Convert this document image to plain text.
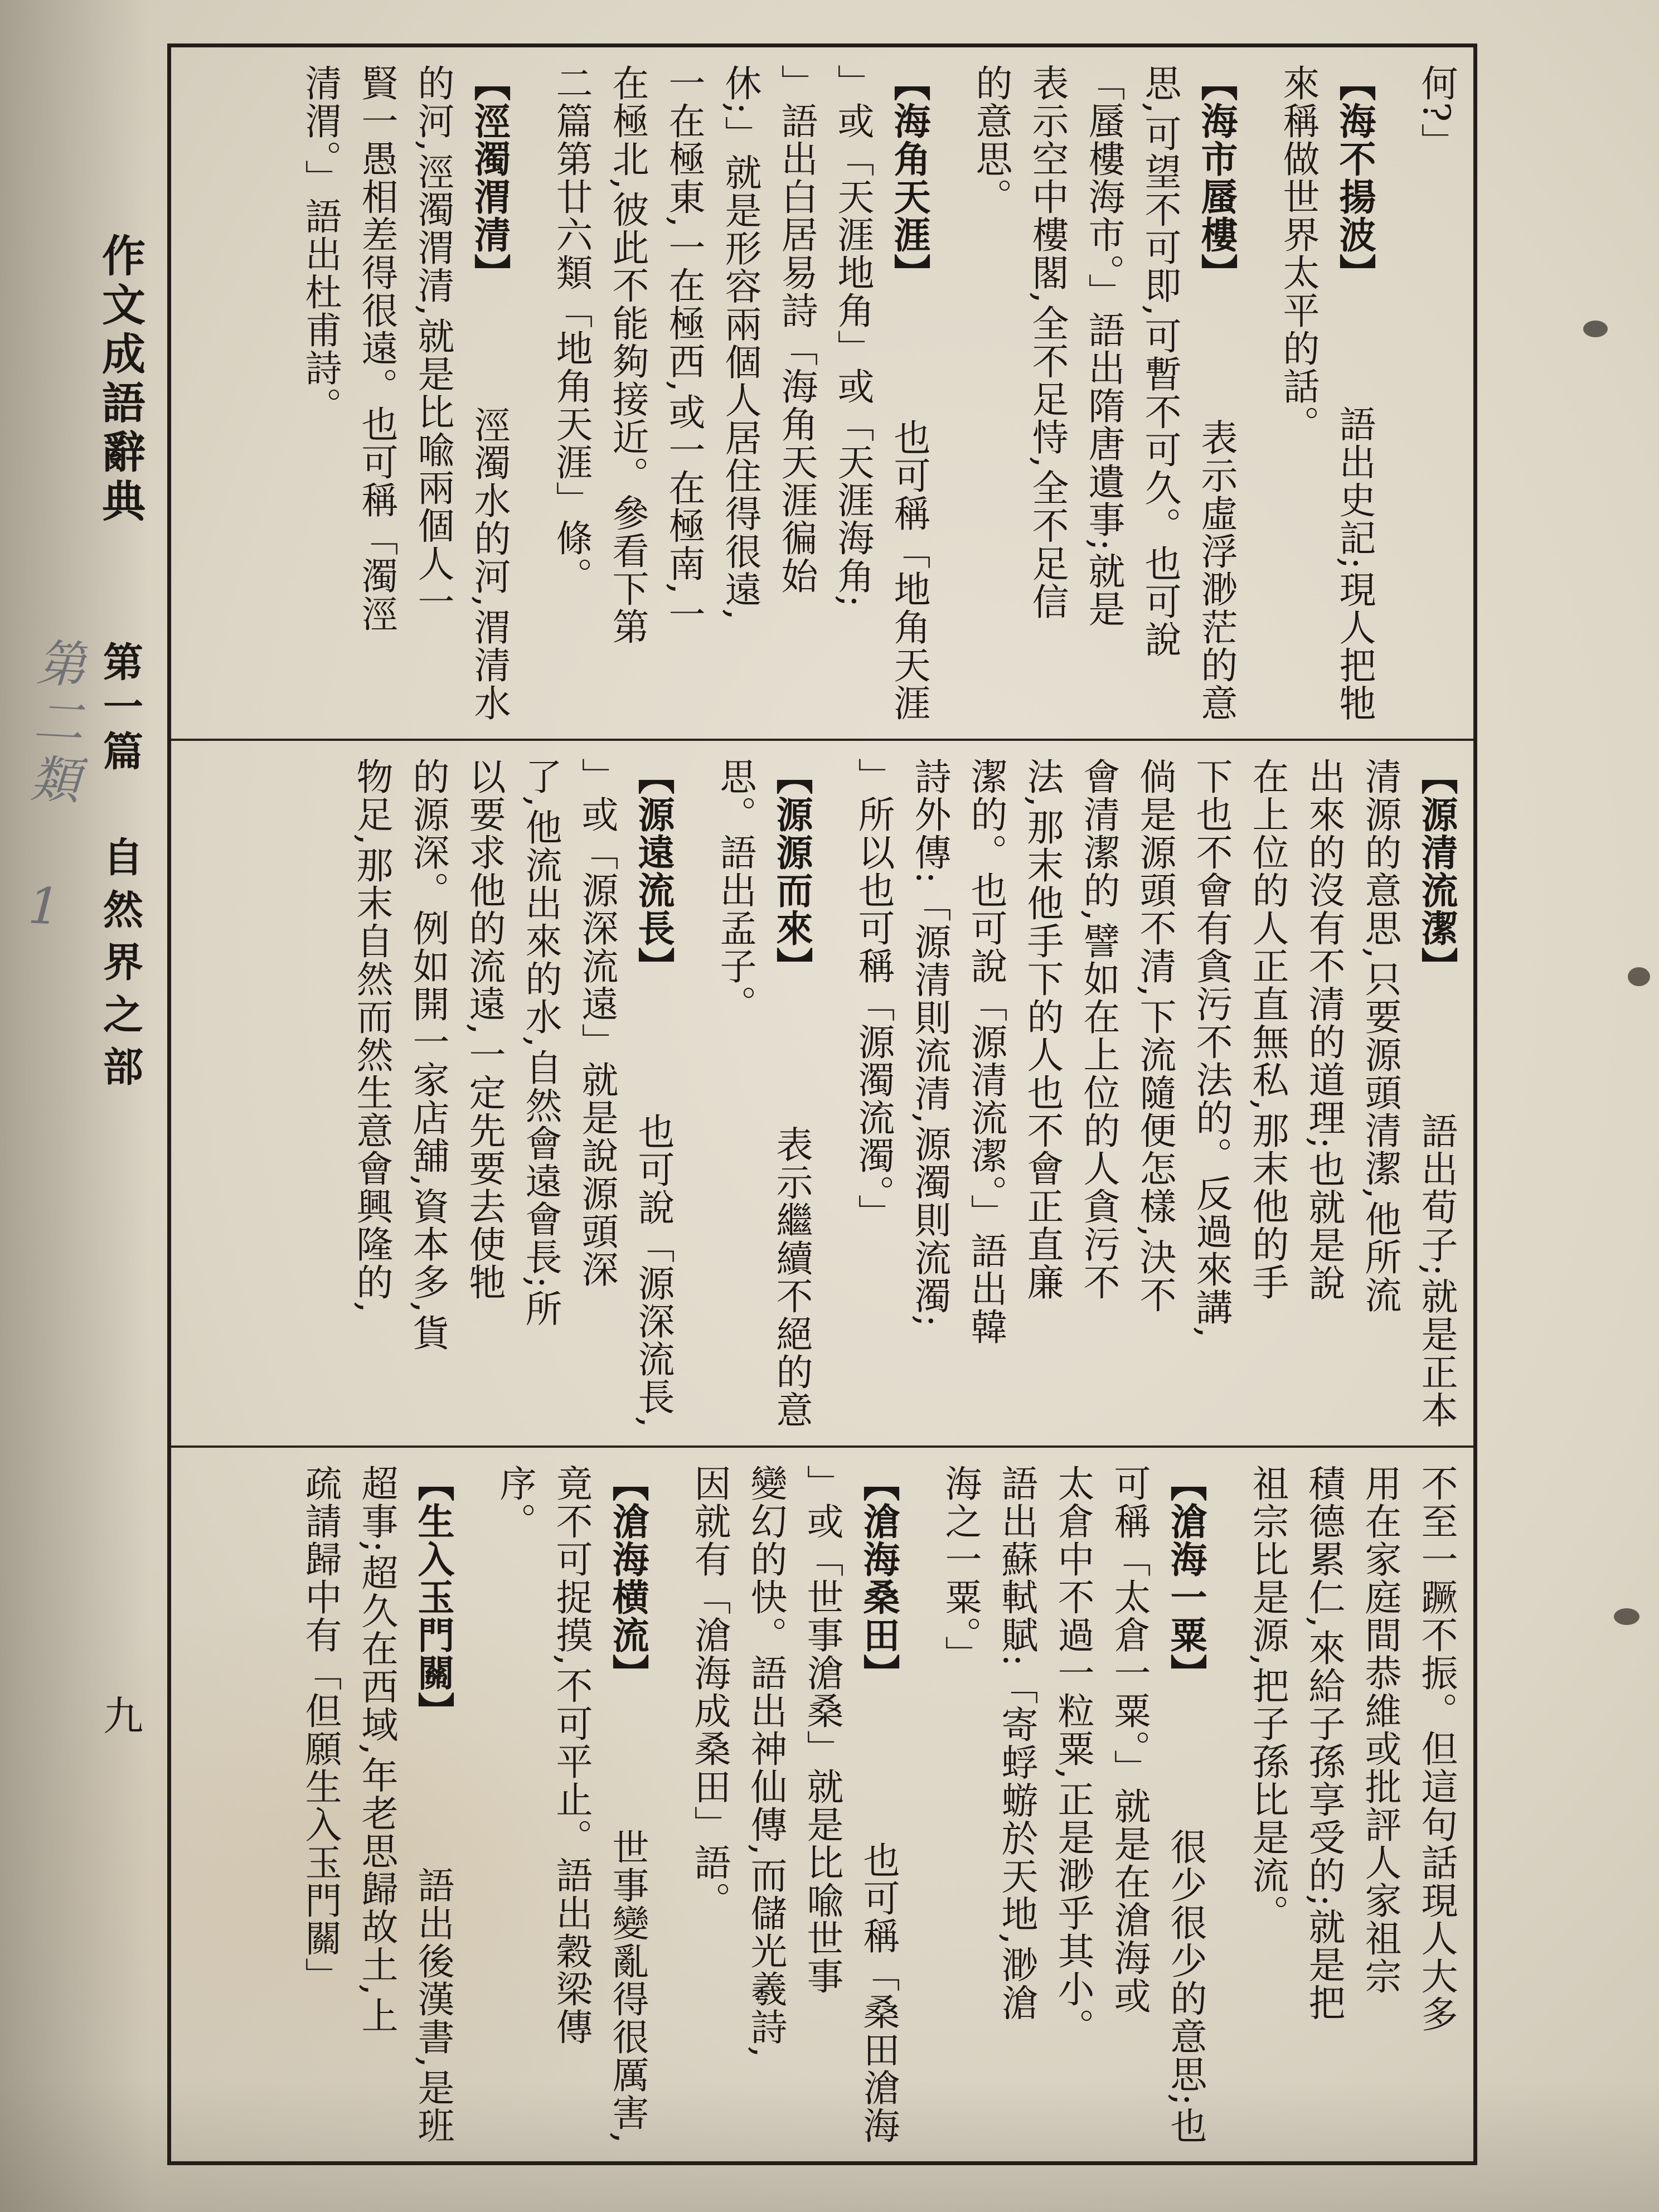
作文成語辭典
第一篇
自然界之部
九
第二類 1
何?」
【海不揚波】
語出史記;現人把牠
來稱做世界太平的話。
【海市蜃樓】
表示虛浮渺茫的意
思,可望不可即,可暫不可久。也可說
「蜃樓海市。」語出隋唐遺事;就是
表示空中樓閣,全不足恃,全不足信
的意思。
【海角天涯】
也可稱「地角天涯
」或「天涯地角」或「天涯海角;
」語出白居易詩「海角天涯徧始
休;」就是形容兩個人居住得很遠,
一在極東,一在極西,或一在極南,一
在極北,彼此不能夠接近。參看下第
二篇第廿六類「地角天涯」條。
【涇濁渭清】
涇濁水的河,渭清水
的河,涇濁渭清,就是比喩兩個人一
賢一愚相差得很遠。也可稱「濁涇
清渭。」語出杜甫詩。
【源清流潔】
語出荀子;就是正本
清源的意思,只要源頭清潔,他所流
出來的沒有不清的道理;也就是說
在上位的人正直無私,那末他的手
下也不會有貪污不法的。反過來講,
倘是源頭不清,下流隨便怎樣,決不
會清潔的,譬如在上位的人貪污不
法,那末他手下的人也不會正直廉
潔的。也可說「源清流潔。」語出韓
詩外傳:「源清則流清,源濁則流濁;
」所以也可稱「源濁流濁。」
【源源而來】
表示繼續不絕的意
思。語出孟子。
【源遠流長】
也可說「源深流長,
」或「源深流遠」就是說源頭深
了,他流出來的水,自然會遠會長;所
以要求他的流遠,一定先要去使牠
的源深。例如開一家店舖,資本多,貨
物足,那末自然而然生意會興隆的,
不至一蹶不振。但這句話現人大多
用在家庭間恭維或批評人家祖宗
積德累仁,來給子孫享受的;就是把
祖宗比是源,把子孫比是流。
【滄海一粟】
很少很少的意思;也
可稱「太倉一粟。」就是在滄海或
太倉中不過一粒粟,正是渺乎其小。
語出蘇軾賦:「寄蜉蝣於天地,渺滄
海之一粟。」
【滄海桑田】
也可稱「桑田滄海
」或「世事滄桑」就是比喩世事
變幻的快。語出神仙傳,而儲光羲詩,
因就有「滄海成桑田」語。
【滄海横流】
世事變亂得很厲害,
竟不可捉摸,不可平止。語出穀梁傳
序。
【生入玉門關】
語出後漢書,是班
超事;超久在西域,年老思歸故土,上
疏請歸中有「但願生入玉門關」
